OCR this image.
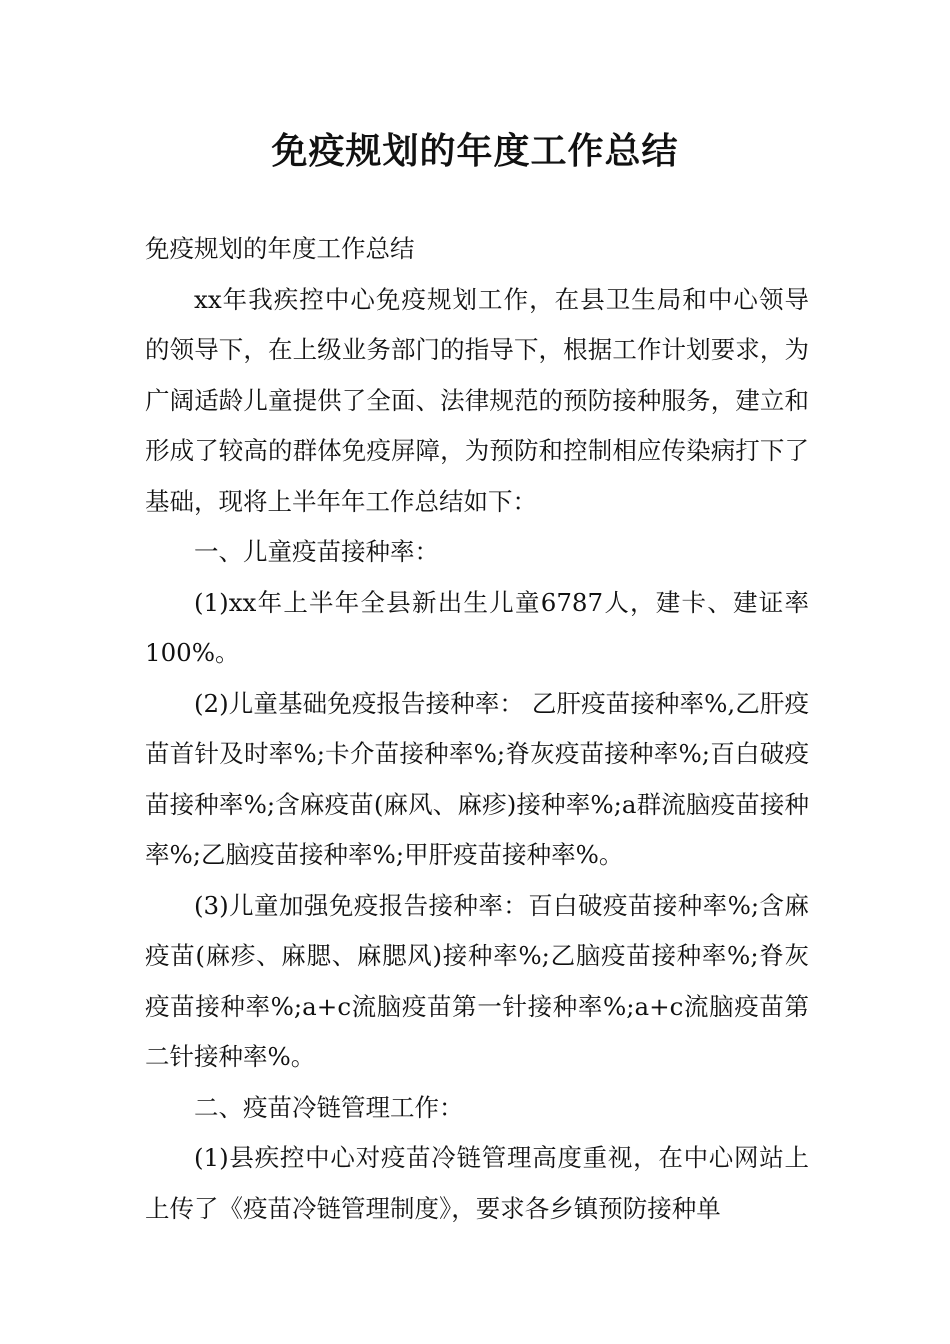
免疫规划的年度工作总结

免疫规划的年度工作总结

xx年我疾控中心免疫规划工作，在县卫生局和中心领导的领导下，在上级业务部门的指导下，根据工作计划要求，为广阔适龄儿童提供了全面、法律规范的预防接种服务，建立和形成了较高的群体免疫屏障，为预防和控制相应传染病打下了基础，现将上半年年工作总结如下：

一、儿童疫苗接种率：

(1)xx年上半年全县新出生儿童6787人，建卡、建证率100%。

(2)儿童基础免疫报告接种率： 乙肝疫苗接种率%,乙肝疫苗首针及时率%;卡介苗接种率%;脊灰疫苗接种率%;百白破疫苗接种率%;含麻疫苗(麻风、麻疹)接种率%;a群流脑疫苗接种率%;乙脑疫苗接种率%;甲肝疫苗接种率%。

(3)儿童加强免疫报告接种率：百白破疫苗接种率%;含麻疫苗(麻疹、麻腮、麻腮风)接种率%;乙脑疫苗接种率%;脊灰疫苗接种率%;a+c流脑疫苗第一针接种率%;a+c流脑疫苗第二针接种率%。

二、疫苗冷链管理工作：

(1)县疾控中心对疫苗冷链管理高度重视，在中心网站上上传了《疫苗冷链管理制度》，要求各乡镇预防接种单
